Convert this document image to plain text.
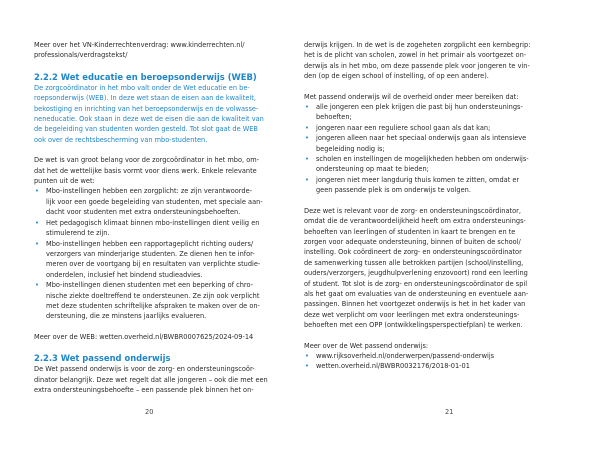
Meer over het VN-Kinderrechtenverdrag: www.kinderrechten.nl/

professionals/verdragstekst/

2.2.2 Wet educatie en beroepsonderwijs (WEB)

De zorgcoördinator in het mbo valt onder de Wet educatie en be-

roepsonderwijs (WEB). In deze wet staan de eisen aan de kwaliteit,

bekostiging en inrichting van het beroepsonderwijs en de volwasse-

neneducatie. Ook staan in deze wet de eisen die aan de kwaliteit van

de begeleiding van studenten worden gesteld. Tot slot gaat de WEB

ook over de rechtsbescherming van mbo-studenten.

De wet is van groot belang voor de zorgcoördinator in het mbo, om-

dat het de wettelijke basis vormt voor diens werk. Enkele relevante

punten uit de wet:

• Mbo-instellingen hebben een zorgplicht: ze zijn verantwoorde-
lijk voor een goede begeleiding van studenten, met speciale aan-
dacht voor studenten met extra ondersteuningsbehoeften.
• Het pedagogisch klimaat binnen mbo-instellingen dient veilig en
stimulerend te zijn.
• Mbo-instellingen hebben een rapportageplicht richting ouders/
verzorgers van minderjarige studenten. Ze dienen hen te infor-
meren over de voortgang bij en resultaten van verplichte studie-
onderdelen, inclusief het bindend studieadvies.
• Mbo-instellingen dienen studenten met een beperking of chro-
nische ziekte doeltreffend te ondersteunen. Ze zijn ook verplicht
met deze studenten schriftelijke afspraken te maken over de on-
dersteuning, die ze minstens jaarlijks evalueren.

Meer over de WEB: wetten.overheid.nl/BWBR0007625/2024-09-14

2.2.3 Wet passend onderwijs

De Wet passend onderwijs is voor de zorg- en ondersteuningscoör-

dinator belangrijk. Deze wet regelt dat alle jongeren – ook die met een

extra ondersteuningsbehoefte – een passende plek binnen het on-

20

derwijs krijgen. In de wet is de zogeheten zorgplicht een kernbegrip:

het is de plicht van scholen, zowel in het primair als voortgezet on-

derwijs als in het mbo, om deze passende plek voor jongeren te vin-

den (op de eigen school of instelling, of op een andere).

Met passend onderwijs wil de overheid onder meer bereiken dat:

• alle jongeren een plek krijgen die past bij hun ondersteunings-
behoeften;
• jongeren naar een reguliere school gaan als dat kan;
• jongeren alleen naar het speciaal onderwijs gaan als intensieve
begeleiding nodig is;
• scholen en instellingen de mogelijkheden hebben om onderwijs-
ondersteuning op maat te bieden;
• jongeren niet meer langdurig thuis komen te zitten, omdat er
geen passende plek is om onderwijs te volgen.

Deze wet is relevant voor de zorg- en ondersteuningscoördinator,

omdat die de verantwoordelijkheid heeft om extra ondersteunings-

behoeften van leerlingen of studenten in kaart te brengen en te

zorgen voor adequate ondersteuning, binnen of buiten de school/

instelling. Ook coördineert de zorg- en ondersteuningscoördinator

de samenwerking tussen alle betrokken partijen (school/instelling,

ouders/verzorgers, jeugdhulpverlening enzovoort) rond een leerling

of student. Tot slot is de zorg- en ondersteuningscoördinator de spil

als het gaat om evaluaties van de ondersteuning en eventuele aan-

passingen. Binnen het voortgezet onderwijs is het in het kader van

deze wet verplicht om voor leerlingen met extra ondersteunings-

behoeften met een OPP (ontwikkelingsperspectiefplan) te werken.

Meer over de Wet passend onderwijs:

• www.rijksoverheid.nl/onderwerpen/passend-onderwijs
• wetten.overheid.nl/BWBR0032176/2018-01-01
21
